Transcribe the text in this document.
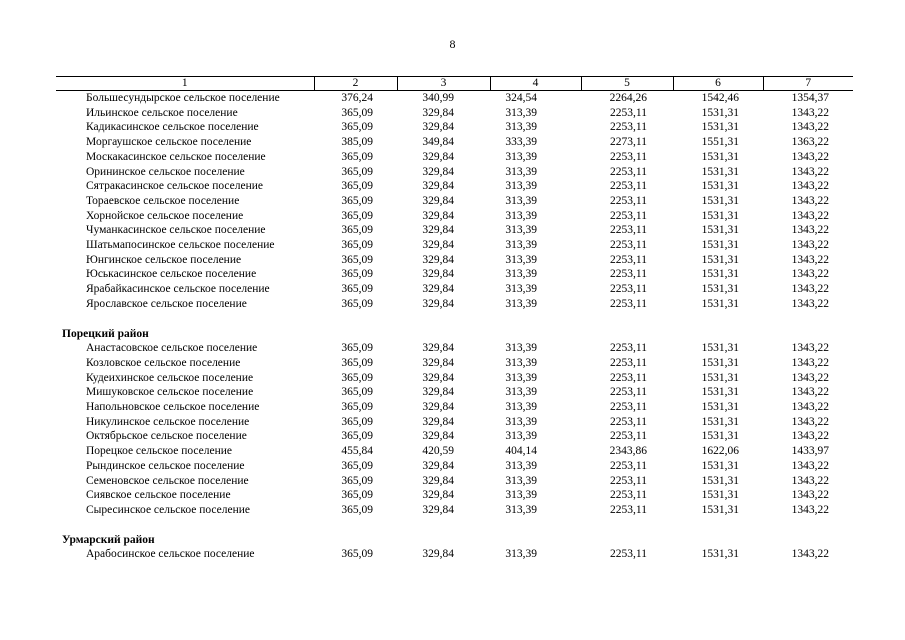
8
1	2	3	4	5	6	7
Большесундырское сельское поселение	376,24	340,99	324,54	2264,26	1542,46	1354,37
Ильинское сельское поселение	365,09	329,84	313,39	2253,11	1531,31	1343,22
Кадикасинское сельское поселение	365,09	329,84	313,39	2253,11	1531,31	1343,22
Моргаушское сельское поселение	385,09	349,84	333,39	2273,11	1551,31	1363,22
Москакасинское сельское поселение	365,09	329,84	313,39	2253,11	1531,31	1343,22
Орининское сельское поселение	365,09	329,84	313,39	2253,11	1531,31	1343,22
Сятракасинское сельское поселение	365,09	329,84	313,39	2253,11	1531,31	1343,22
Тораевское сельское поселение	365,09	329,84	313,39	2253,11	1531,31	1343,22
Хорнойское сельское поселение	365,09	329,84	313,39	2253,11	1531,31	1343,22
Чуманкасинское сельское поселение	365,09	329,84	313,39	2253,11	1531,31	1343,22
Шатьмапосинское сельское поселение	365,09	329,84	313,39	2253,11	1531,31	1343,22
Юнгинское сельское поселение	365,09	329,84	313,39	2253,11	1531,31	1343,22
Юськасинское сельское поселение	365,09	329,84	313,39	2253,11	1531,31	1343,22
Ярабайкасинское сельское поселение	365,09	329,84	313,39	2253,11	1531,31	1343,22
Ярославское сельское поселение	365,09	329,84	313,39	2253,11	1531,31	1343,22

Порецкий район						
Анастасовское сельское поселение	365,09	329,84	313,39	2253,11	1531,31	1343,22
Козловское сельское поселение	365,09	329,84	313,39	2253,11	1531,31	1343,22
Кудеихинское сельское поселение	365,09	329,84	313,39	2253,11	1531,31	1343,22
Мишуковское сельское поселение	365,09	329,84	313,39	2253,11	1531,31	1343,22
Напольновское сельское поселение	365,09	329,84	313,39	2253,11	1531,31	1343,22
Никулинское сельское поселение	365,09	329,84	313,39	2253,11	1531,31	1343,22
Октябрьское сельское поселение	365,09	329,84	313,39	2253,11	1531,31	1343,22
Порецкое сельское поселение	455,84	420,59	404,14	2343,86	1622,06	1433,97
Рындинское сельское поселение	365,09	329,84	313,39	2253,11	1531,31	1343,22
Семеновское сельское поселение	365,09	329,84	313,39	2253,11	1531,31	1343,22
Сиявское сельское поселение	365,09	329,84	313,39	2253,11	1531,31	1343,22
Сыресинское сельское поселение	365,09	329,84	313,39	2253,11	1531,31	1343,22

Урмарский район						
Арабосинское сельское поселение	365,09	329,84	313,39	2253,11	1531,31	1343,22
